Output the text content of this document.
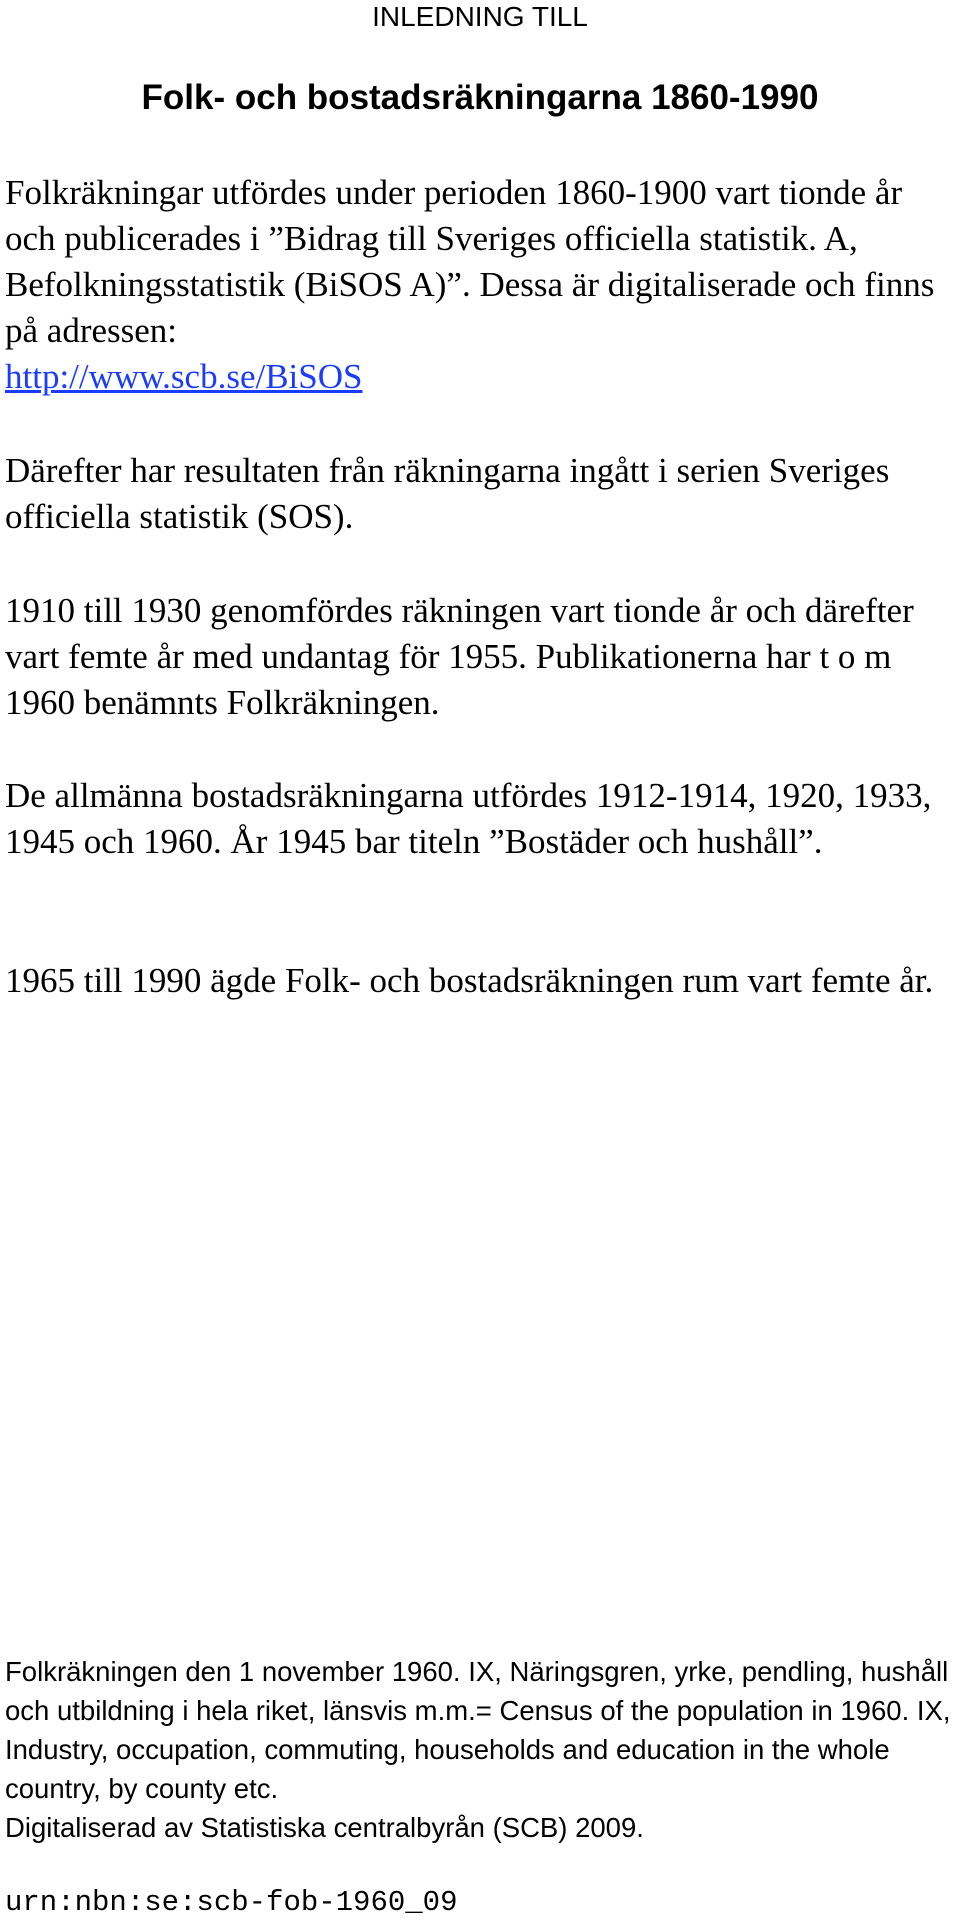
INLEDNING TILL

Folk- och bostadsräkningarna 1860-1990

Folkräkningar utfördes under perioden 1860-1900 vart tionde år och publicerades i ”Bidrag till Sveriges officiella statistik. A, Befolkningsstatistik (BiSOS A)”. Dessa är digitaliserade och finns på adressen:
http://www.scb.se/BiSOS

Därefter har resultaten från räkningarna ingått i serien Sveriges officiella statistik (SOS).

1910 till 1930 genomfördes räkningen vart tionde år och därefter vart femte år med undantag för 1955. Publikationerna har t o m 1960 benämnts Folkräkningen.

De allmänna bostadsräkningarna utfördes 1912-1914, 1920, 1933, 1945 och 1960. År 1945 bar titeln ”Bostäder och hushåll”.

1965 till 1990 ägde Folk- och bostadsräkningen rum vart femte år.

Folkräkningen den 1 november 1960. IX, Näringsgren, yrke, pendling, hushåll och utbildning i hela riket, länsvis m.m.= Census of the population in 1960. IX, Industry, occupation, commuting, households and education in the whole country, by county etc.
Digitaliserad av Statistiska centralbyrån (SCB) 2009.

urn:nbn:se:scb-fob-1960_09
